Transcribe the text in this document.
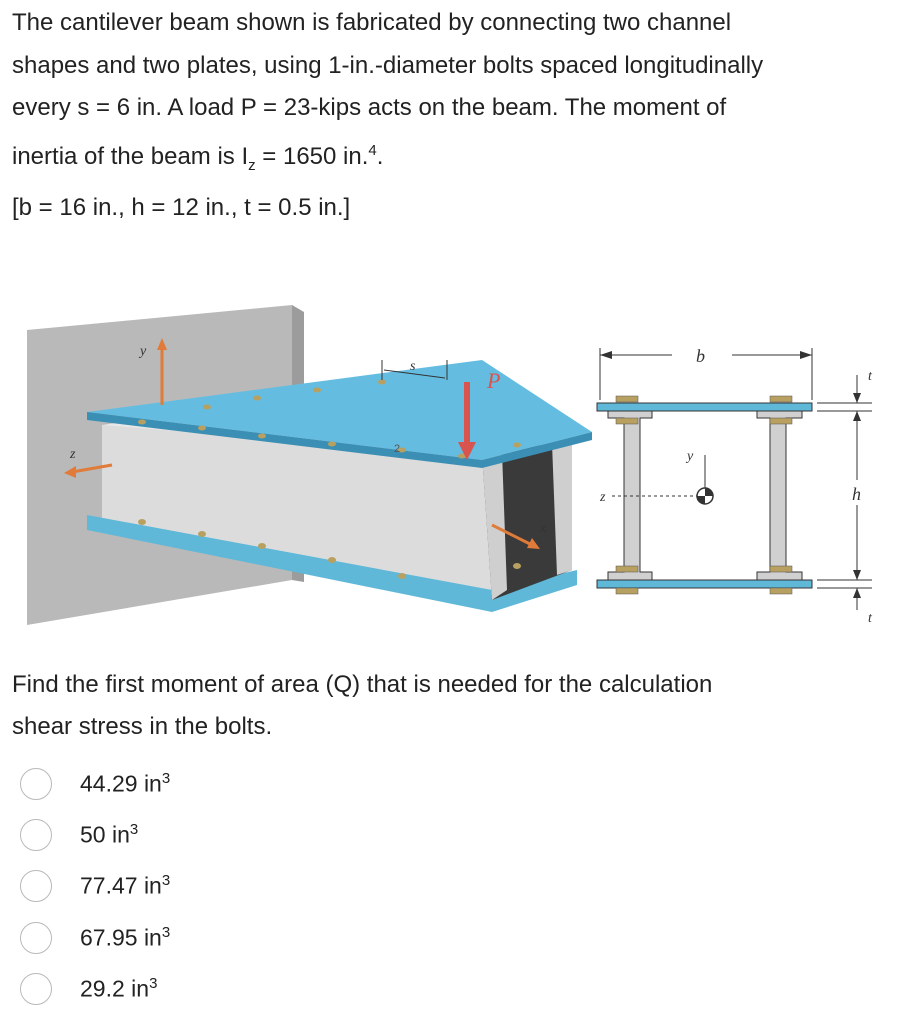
The cantilever beam shown is fabricated by connecting two channel

shapes and two plates, using 1-in.-diameter bolts spaced longitudinally

every s = 6 in. A load P = 23-kips acts on the beam. The moment of

inertia of the beam is $I_z = 1650$ in.$^4$.

[b = 16 in., h = 12 in., t = 0.5 in.]

y
z
x
P
s
2
b
y
z
t
h
t
Find the first moment of area (Q) that is needed for the calculation
shear stress in the bolts.
44.29 $in^3$
50 $in^3$
77.47 $in^3$
67.95 $in^3$
29.2 $in^3$
